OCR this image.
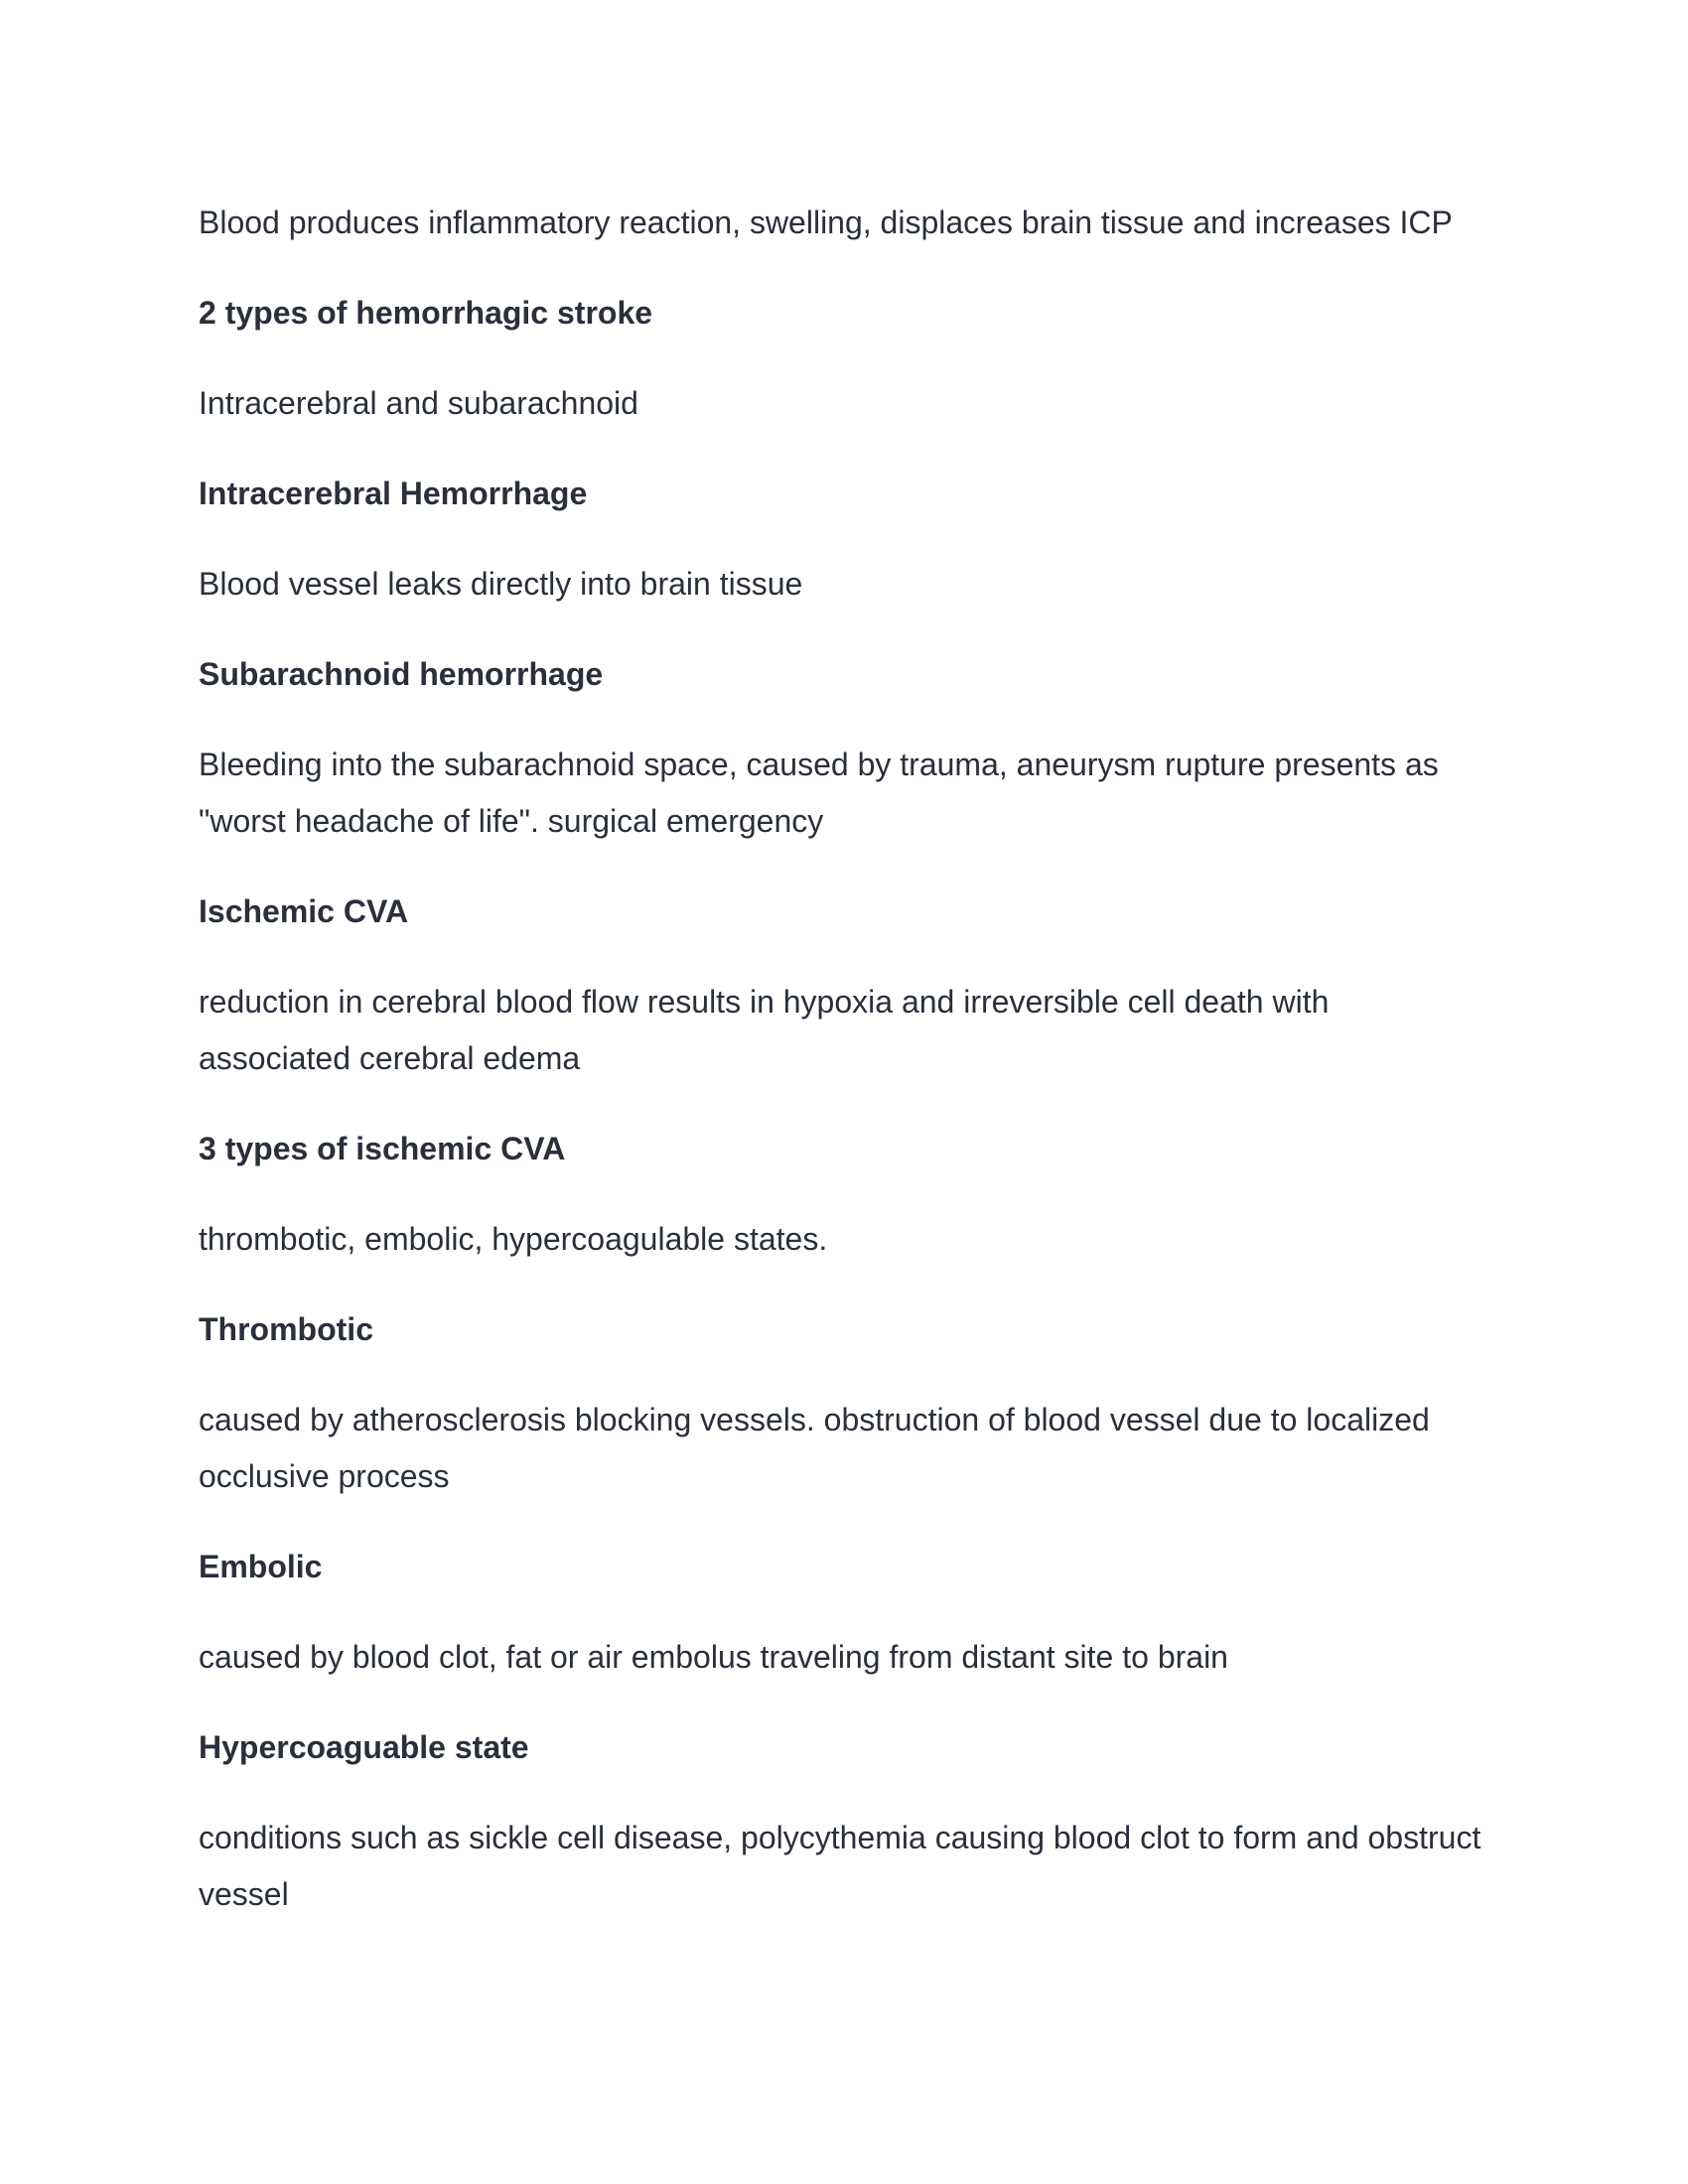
Blood produces inflammatory reaction, swelling, displaces brain tissue and increases ICP

2 types of hemorrhagic stroke

Intracerebral and subarachnoid

Intracerebral Hemorrhage

Blood vessel leaks directly into brain tissue

Subarachnoid hemorrhage

Bleeding into the subarachnoid space, caused by trauma, aneurysm rupture presents as "worst headache of life". surgical emergency

Ischemic CVA

reduction in cerebral blood flow results in hypoxia and irreversible cell death with associated cerebral edema

3 types of ischemic CVA

thrombotic, embolic, hypercoagulable states.

Thrombotic

caused by atherosclerosis blocking vessels. obstruction of blood vessel due to localized occlusive process

Embolic

caused by blood clot, fat or air embolus traveling from distant site to brain

Hypercoaguable state

conditions such as sickle cell disease, polycythemia causing blood clot to form and obstruct vessel
